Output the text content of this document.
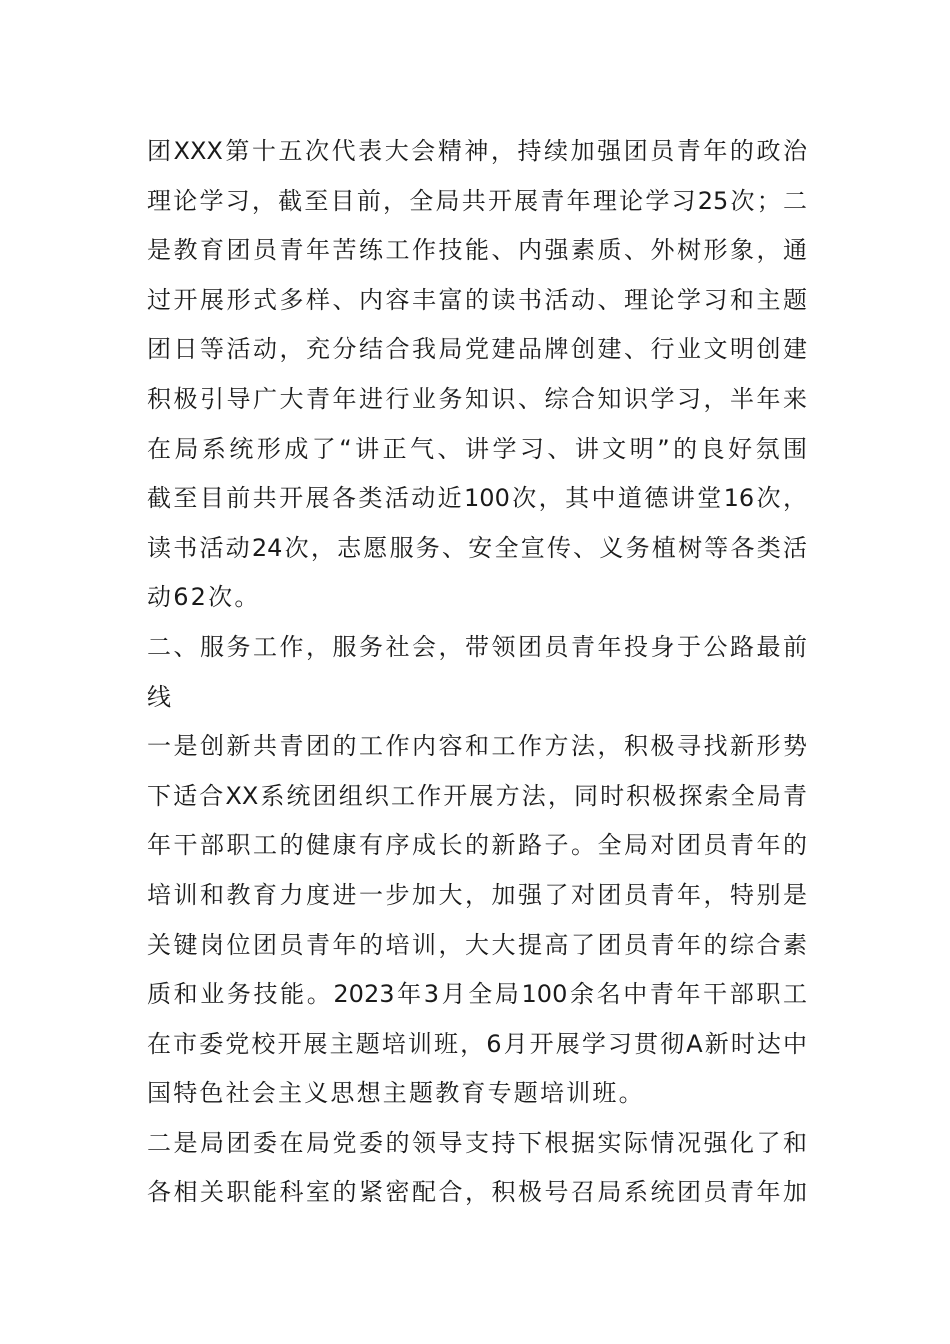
团XXX第十五次代表大会精神，持续加强团员青年的政治
理论学习，截至目前，全局共开展青年理论学习25次；二
是教育团员青年苦练工作技能、内强素质、外树形象，通
过开展形式多样、内容丰富的读书活动、理论学习和主题
团日等活动，充分结合我局党建品牌创建、行业文明创建
积极引导广大青年进行业务知识、综合知识学习，半年来
在局系统形成了“讲正气、讲学习、讲文明”的良好氛围
截至目前共开展各类活动近100次，其中道德讲堂16次，
读书活动24次，志愿服务、安全宣传、义务植树等各类活
动62次。
二、服务工作，服务社会，带领团员青年投身于公路最前
线
一是创新共青团的工作内容和工作方法，积极寻找新形势
下适合XX系统团组织工作开展方法，同时积极探索全局青
年干部职工的健康有序成长的新路子。全局对团员青年的
培训和教育力度进一步加大，加强了对团员青年，特别是
关键岗位团员青年的培训，大大提高了团员青年的综合素
质和业务技能。2023年3月全局100余名中青年干部职工
在市委党校开展主题培训班，6月开展学习贯彻A新时达中
国特色社会主义思想主题教育专题培训班。
二是局团委在局党委的领导支持下根据实际情况强化了和
各相关职能科室的紧密配合，积极号召局系统团员青年加
